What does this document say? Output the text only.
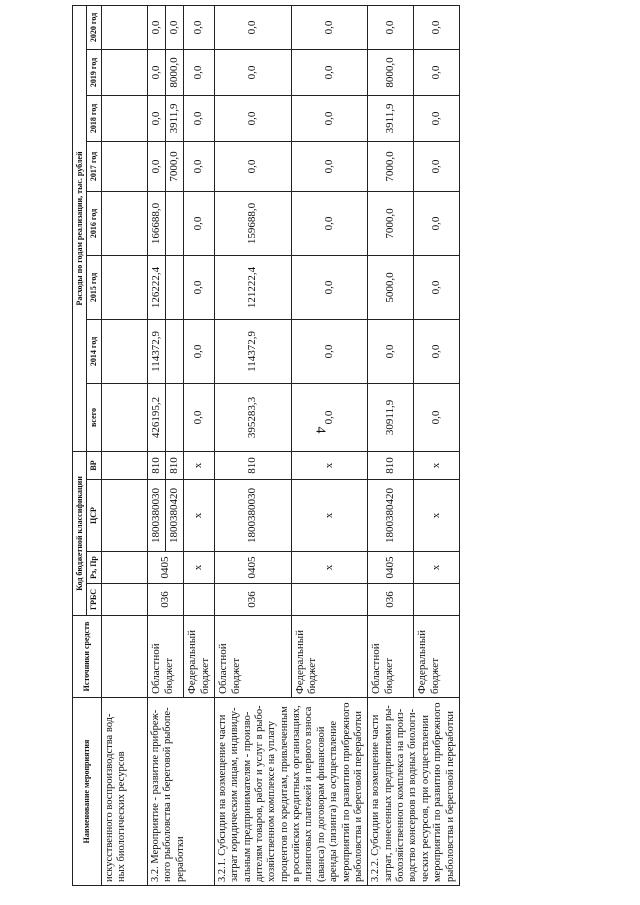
4
Наименование мероприятия	Источники средств	Код бюджетной классификации				Расходы по годам реализации, тыс. рублей							
		ГРБС	Рз, Пр	ЦСР	ВР	всего	2014 год	2015 год	2016 год	2017 год	2018 год	2019 год	2020 год
искусственного воспроизводства вод-ных биологических ресурсов													
3.2. Мероприятие - развитие прибреж-ного рыболовства и береговой рыбопе-реработки	Областной бюджет	036	0405	1800380030	810	426195,2	114372,9	126222,4	166688,0	0,0	0,0	0,0	0,0
				1800380420	810					7000,0	3911,9	8000,0	0,0
	Федеральный бюджет		х	х	х	0,0	0,0	0,0	0,0	0,0	0,0	0,0	0,0
3.2.1. Субсидии на возмещение части затрат юридическим лицам, индивиду-альным предпринимателям - произво-дителям товаров, работ и услуг в рыбо-хозяйственном комплексе на уплату процентов по кредитам, привлеченным в российских кредитных организациях, лизинговых платежей и первого взноса (аванса) по договорам финансовой аренды (лизинга) на осуществление мероприятий по развитию прибрежного рыболовства и береговой переработки	Областной бюджет	036	0405	1800380030	810	395283,3	114372,9	121222,4	159688,0	0,0	0,0	0,0	0,0
	Федеральный бюджет		х	х	х	0,0	0,0	0,0	0,0	0,0	0,0	0,0	0,0
3.2.2. Субсидии на возмещение части затрат, понесенных предприятиями ры-бохозяйственного комплекса на произ-водство консервов из водных биологи-ческих ресурсов, при осуществлении мероприятий по развитию прибрежного рыболовства и береговой переработки	Областной бюджет	036	0405	1800380420	810	30911,9	0,0	5000,0	7000,0	7000,0	3911,9	8000,0	0,0
	Федеральный бюджет		х	х	х	0,0	0,0	0,0	0,0	0,0	0,0	0,0	0,0
